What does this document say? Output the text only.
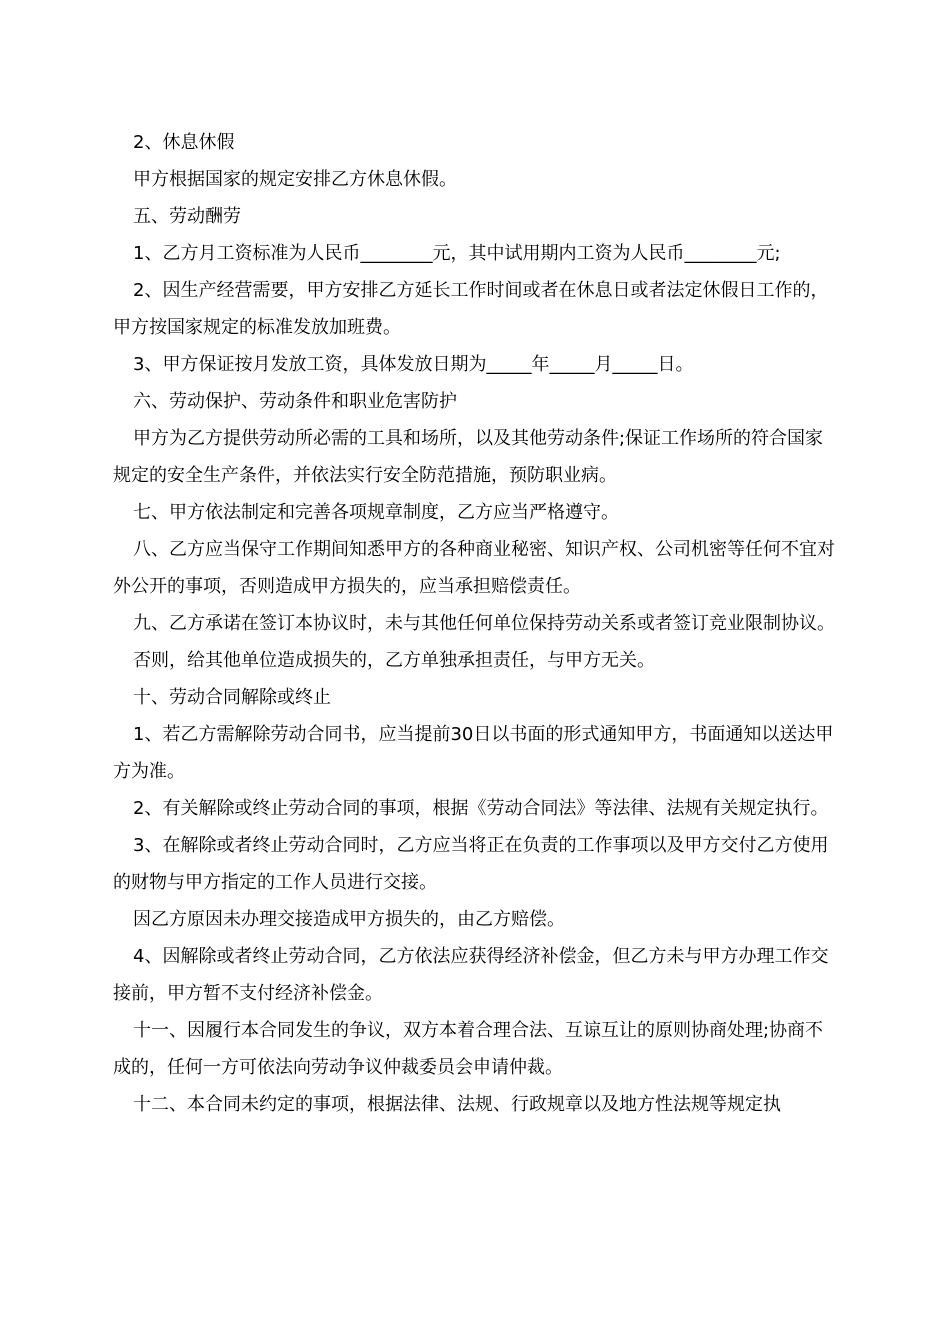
2、休息休假

甲方根据国家的规定安排乙方休息休假。

五、劳动酬劳

1、乙方月工资标准为人民币________元，其中试用期内工资为人民币________元;

2、因生产经营需要，甲方安排乙方延长工作时间或者在休息日或者法定休假日工作的，甲方按国家规定的标准发放加班费。

3、甲方保证按月发放工资，具体发放日期为_____年_____月_____日。

六、劳动保护、劳动条件和职业危害防护

甲方为乙方提供劳动所必需的工具和场所，以及其他劳动条件;保证工作场所的符合国家规定的安全生产条件，并依法实行安全防范措施，预防职业病。

七、甲方依法制定和完善各项规章制度，乙方应当严格遵守。

八、乙方应当保守工作期间知悉甲方的各种商业秘密、知识产权、公司机密等任何不宜对外公开的事项，否则造成甲方损失的，应当承担赔偿责任。

九、乙方承诺在签订本协议时，未与其他任何单位保持劳动关系或者签订竞业限制协议。

否则，给其他单位造成损失的，乙方单独承担责任，与甲方无关。

十、劳动合同解除或终止

1、若乙方需解除劳动合同书，应当提前30日以书面的形式通知甲方，书面通知以送达甲方为准。

2、有关解除或终止劳动合同的事项，根据《劳动合同法》等法律、法规有关规定执行。

3、在解除或者终止劳动合同时，乙方应当将正在负责的工作事项以及甲方交付乙方使用的财物与甲方指定的工作人员进行交接。

因乙方原因未办理交接造成甲方损失的，由乙方赔偿。

4、因解除或者终止劳动合同，乙方依法应获得经济补偿金，但乙方未与甲方办理工作交接前，甲方暂不支付经济补偿金。

十一、因履行本合同发生的争议，双方本着合理合法、互谅互让的原则协商处理;协商不成的，任何一方可依法向劳动争议仲裁委员会申请仲裁。

十二、本合同未约定的事项，根据法律、法规、行政规章以及地方性法规等规定执
